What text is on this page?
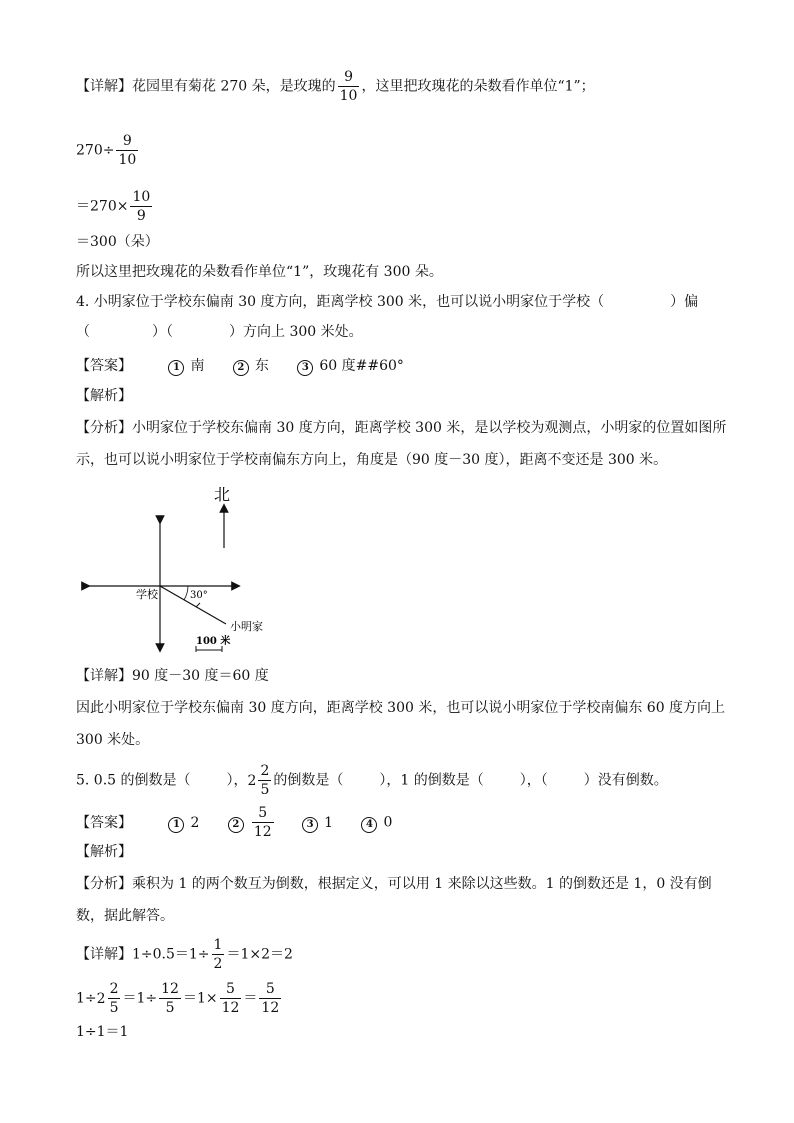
【详解】花园里有菊花 270 朵，是玫瑰的 $\frac{9}{10}$ ，这里把玫瑰花的朵数看作单位“1”；
$270\div \frac{9}{10}$
$=270\times \frac{10}{9}$
＝300（朵）
所以这里把玫瑰花的朵数看作单位“1”，玫瑰花有 300 朵。
4. 小明家位于学校东偏南 30 度方向，距离学校 300 米，也可以说小明家位于学校（	）偏
（	）（	）方向上 300 米处。
【答案】	1 南	2 东	3 60 度##60°
【解析】
【分析】小明家位于学校东偏南 30 度方向，距离学校 300 米，是以学校为观测点，小明家的位置如图所
示，也可以说小明家位于学校南偏东方向上，角度是（90 度－30 度），距离不变还是 300 米。
北
学校	30°
小明家
100 米
【详解】90 度－30 度＝60 度
因此小明家位于学校东偏南 30 度方向，距离学校 300 米，也可以说小明家位于学校南偏东 60 度方向上
300 米处。
5. 0.5 的倒数是（	）， $2 \frac{2}{5}$ 的倒数是（	），1 的倒数是（	），（	）没有倒数。
【答案】	1 2	$2 \frac{5}{12}$	3 1	4 0
【解析】
【分析】乘积为 1 的两个数互为倒数，根据定义，可以用 1 来除以这些数。1 的倒数还是 1，0 没有倒
数，据此解答。
【详解】$1\div 0.5=1\div \frac{1}{2} =1\times 2=2$
$1\div 2 \frac{2}{5} =1\div \frac{12}{5} =1\times \frac{5}{12} = \frac{5}{12}$
1÷1＝1
